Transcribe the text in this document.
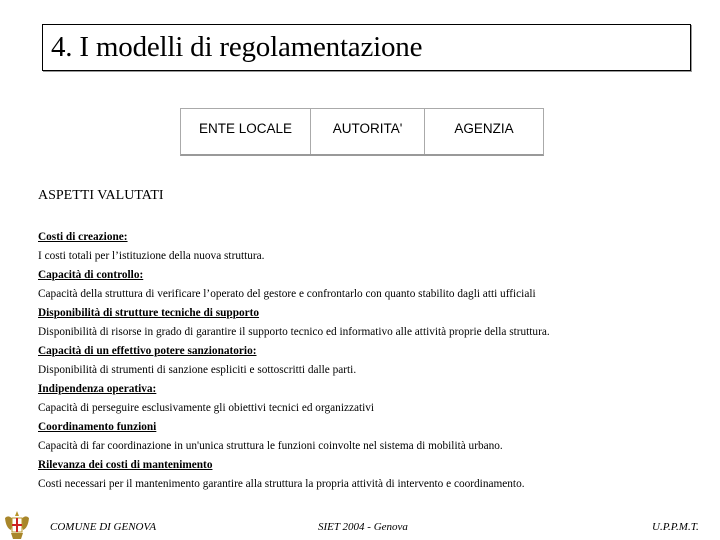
4. I modelli di regolamentazione
ENTE LOCALE	AUTORITA'	AGENZIA
ASPETTI VALUTATI

Costi di creazione:

I costi totali per l’istituzione della nuova struttura.

Capacità di controllo:

Capacità della struttura di verificare l’operato del gestore e confrontarlo con quanto stabilito dagli atti ufficiali

Disponibilità di strutture tecniche di supporto

Disponibilità di risorse in grado di garantire il supporto tecnico ed informativo alle attività proprie della struttura.

Capacità di un effettivo potere sanzionatorio:

Disponibilità di strumenti di sanzione espliciti e sottoscritti dalle parti.

Indipendenza operativa:

Capacità di perseguire esclusivamente gli obiettivi tecnici ed organizzativi

Coordinamento funzioni

Capacità di far coordinazione in un'unica struttura le funzioni coinvolte nel sistema di mobilità urbano.

Rilevanza dei costi di mantenimento

Costi necessari per il mantenimento garantire alla struttura la propria attività di intervento e coordinamento.

COMUNE DI GENOVA	SIET 2004 - Genova	U.P.P.M.T.
